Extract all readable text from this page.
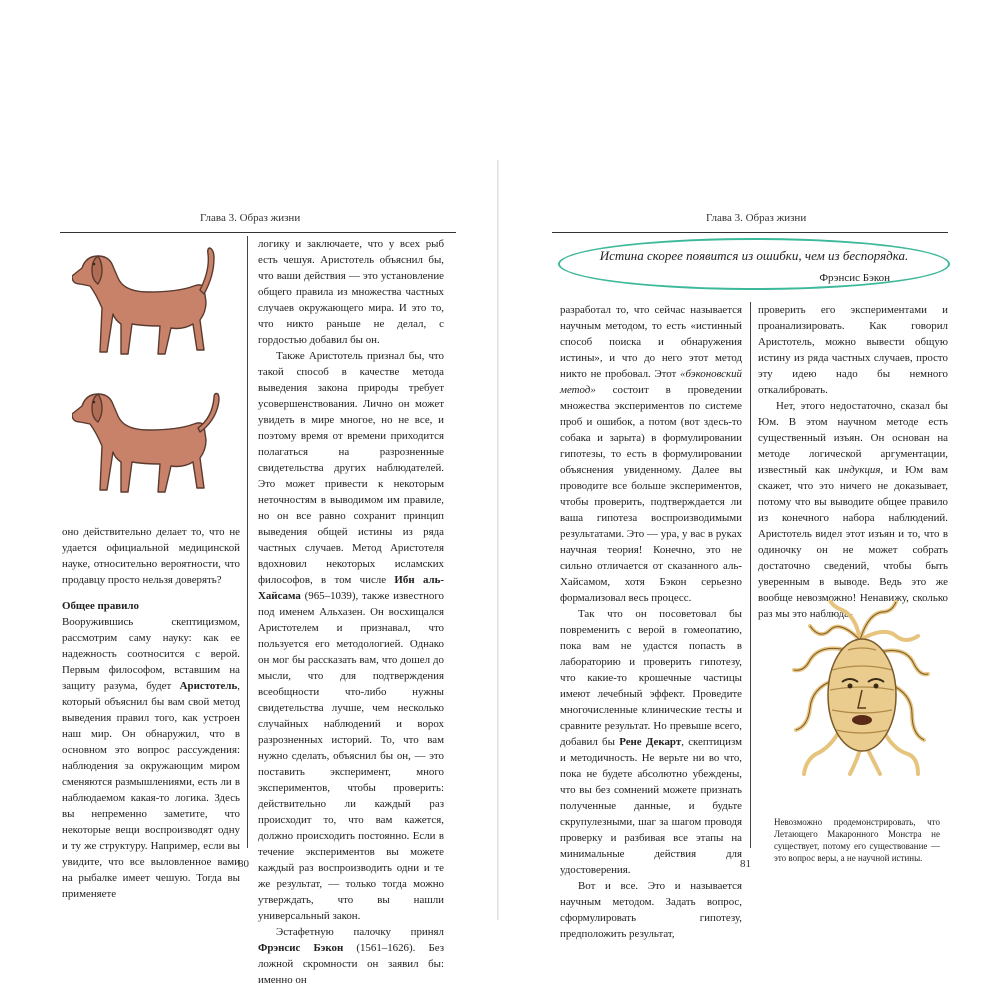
Глава 3. Образ жизни

оно действительно делает то, что не удается официальной медицинской науке, относительно вероятности, что продавцу просто нельзя доверять?

Общее правило

Вооружившись скептицизмом, рассмотрим саму науку: как ее надежность соотносится с верой. Первым философом, вставшим на защиту разума, будет Аристотель, который объяснил бы вам свой метод выведения правил того, как устроен наш мир. Он обнаружил, что в основном это вопрос рассуждения: наблюдения за окружающим миром сменяются размышлениями, есть ли в наблюдаемом какая-то логика. Здесь вы непременно заметите, что некоторые вещи воспроизводят одну и ту же структуру. Например, если вы увидите, что все выловленное вами на рыбалке имеет чешую. Тогда вы применяете

логику и заключаете, что у всех рыб есть чешуя. Аристотель объяснил бы, что ваши действия — это установление общего правила из множества частных случаев окружающего мира. И это то, что никто раньше не делал, с гордостью добавил бы он.

Также Аристотель признал бы, что такой способ в качестве метода выведения закона природы требует усовершенствования. Лично он может увидеть в мире многое, но не все, и поэтому время от времени приходится полагаться на разрозненные свидетельства других наблюдателей. Это может привести к некоторым неточностям в выводимом им правиле, но он все равно сохранит принцип выведения общей истины из ряда частных случаев. Метод Аристотеля вдохновил некоторых исламских философов, в том числе Ибн аль-Хайсама (965–1039), также известного под именем Альхазен. Он восхищался Аристотелем и признавал, что пользуется его методологией. Однако он мог бы рассказать вам, что дошел до мысли, что для подтверждения всеобщности что-либо нужны свидетельства лучше, чем несколько случайных наблюдений и ворох разрозненных историй. То, что вам нужно сделать, объяснил бы он, — это поставить эксперимент, много экспериментов, чтобы проверить: действительно ли каждый раз происходит то, что вам кажется, должно происходить постоянно. Если в течение экспериментов вы можете каждый раз воспроизводить одни и те же результат, — только тогда можно утверждать, что вы нашли универсальный закон.

Эстафетную палочку принял Фрэнсис Бэкон (1561–1626). Без ложной скромности он заявил бы: именно он

80
Глава 3. Образ жизни
Истина скорее появится из ошибки, чем из беспорядка.
Фрэнсис Бэкон

разработал то, что сейчас называется научным методом, то есть «истинный способ поиска и обнаружения истины», и что до него этот метод никто не пробовал. Этот «бэконовский метод» состоит в проведении множества экспериментов по системе проб и ошибок, а потом (вот здесь-то собака и зарыта) в формулировании гипотезы, то есть в формулировании объяснения увиденному. Далее вы проводите все больше экспериментов, чтобы проверить, подтверждается ли ваша гипотеза воспроизводимыми результатами. Это — ура, у вас в руках научная теория! Конечно, это не сильно отличается от сказанного аль-Хайсамом, хотя Бэкон серьезно формализовал весь процесс.

Так что он посоветовал бы повременить с верой в гомеопатию, пока вам не удастся попасть в лабораторию и проверить гипотезу, что какие-то крошечные частицы имеют лечебный эффект. Проведите многочисленные клинические тесты и сравните результат. Но превыше всего, добавил бы Рене Декарт, скептицизм и методичность. Не верьте ни во что, пока не будете абсолютно убеждены, что вы без сомнений можете признать полученные данные, и будьте скрупулезными, шаг за шагом проводя проверку и разбивая все этапы на минимальные действия для удостоверения.

Вот и все. Это и называется научным методом. Задать вопрос, сформулировать гипотезу, предположить результат,

проверить его экспериментами и проанализировать. Как говорил Аристотель, можно вывести общую истину из ряда частных случаев, просто эту идею надо бы немного откалибровать.

Нет, этого недостаточно, сказал бы Юм. В этом научном методе есть существенный изъян. Он основан на методе логической аргументации, известный как индукция, и Юм вам скажет, что это ничего не доказывает, потому что вы выводите общее правило из конечного набора наблюдений. Аристотель видел этот изъян и то, что в одиночку он не может собрать достаточно сведений, чтобы быть уверенным в выводе. Ведь это же вообще невозможно! Ненавижу, сколько раз мы это наблюда-

Невозможно продемонстрировать, что Летающего Макаронного Монстра не существует, потому его существование — это вопрос веры, а не научной истины.
81
